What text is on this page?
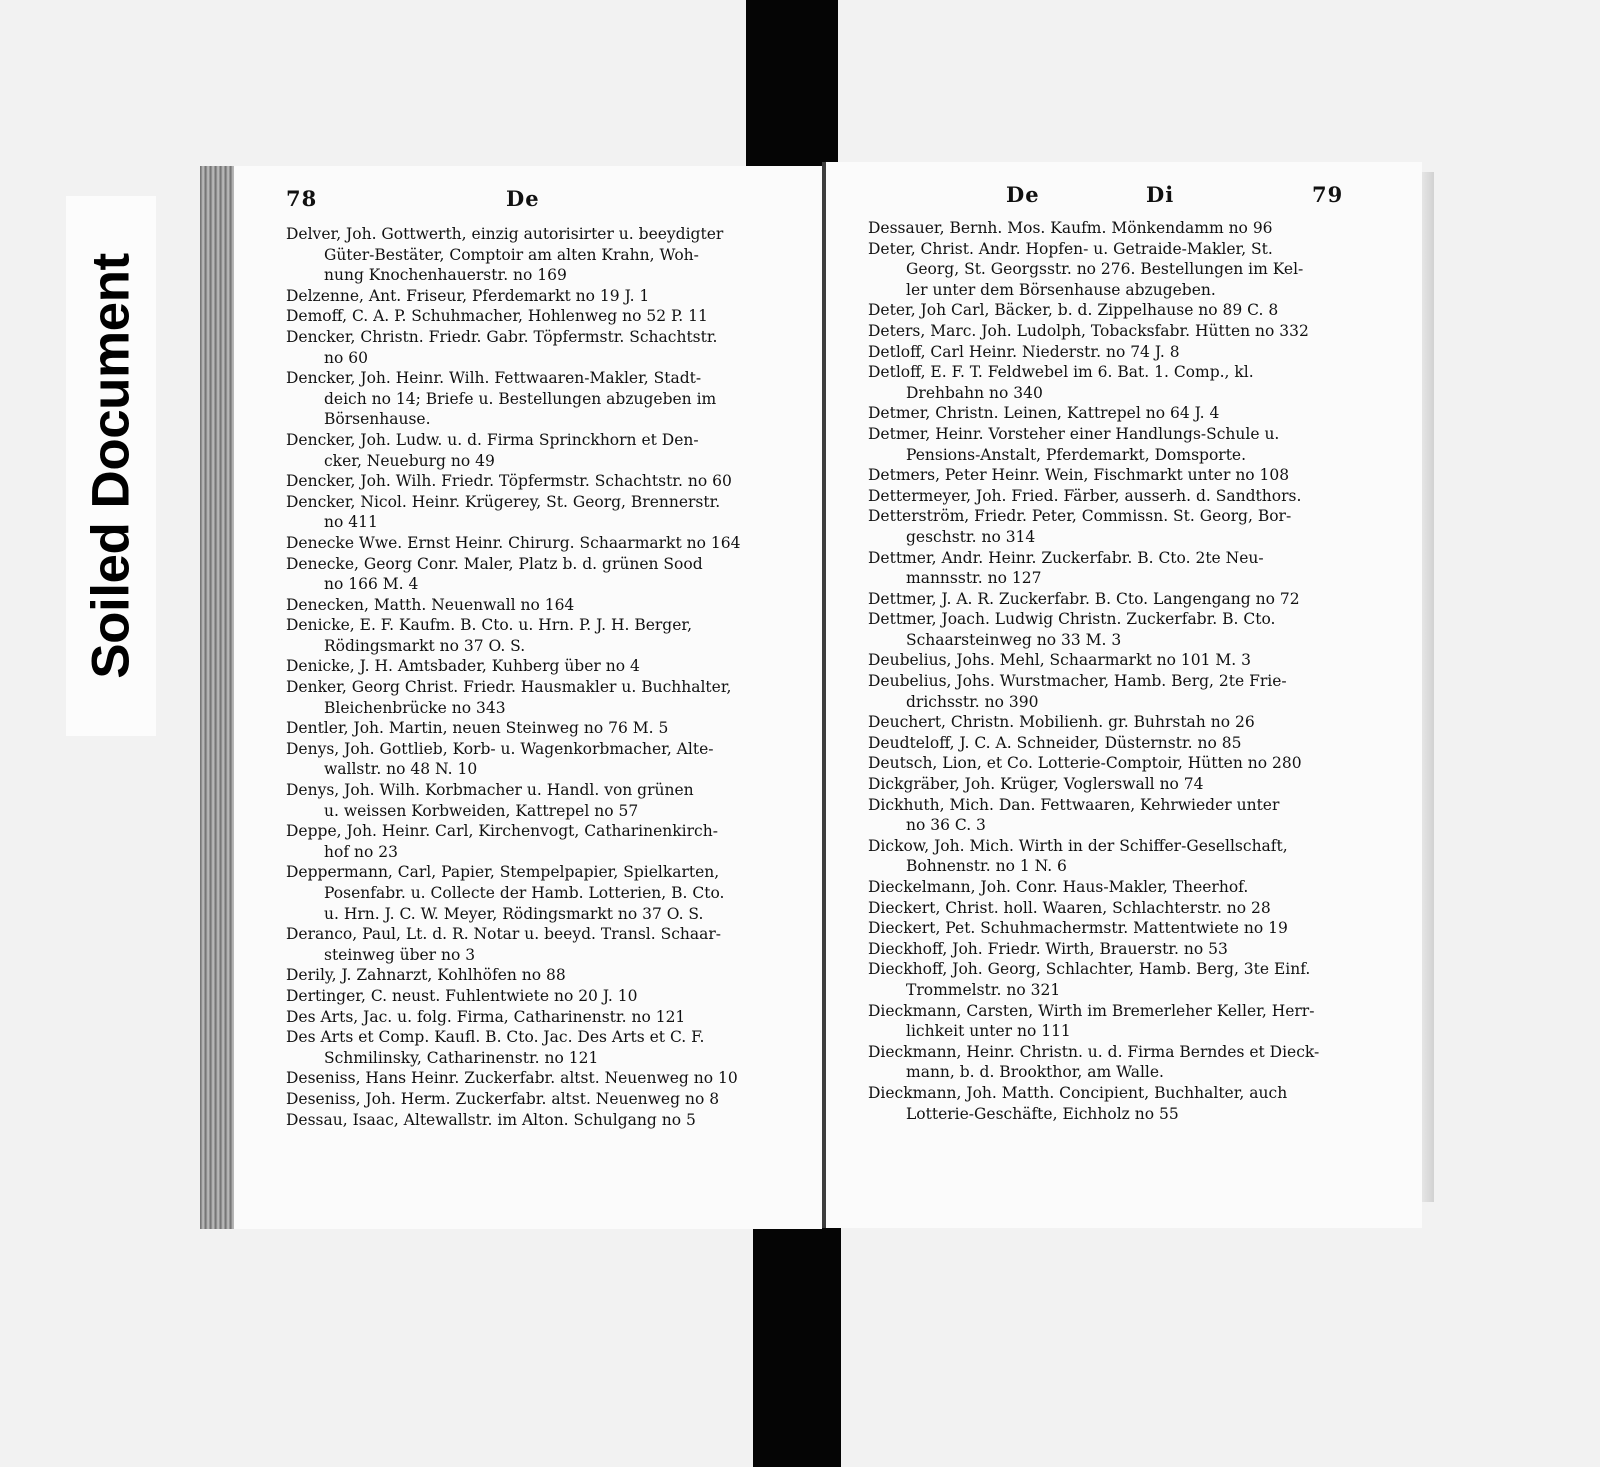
Soiled Document
78	De
Delver, Joh. Gottwerth, einzig autorisirter u. beeydigter
Güter-Bestäter, Comptoir am alten Krahn, Woh-
nung Knochenhauerstr. no 169
Delzenne, Ant. Friseur, Pferdemarkt no 19 J. 1
Demoff, C. A. P. Schuhmacher, Hohlenweg no 52 P. 11
Dencker, Christn. Friedr. Gabr. Töpfermstr. Schachtstr.
no 60
Dencker, Joh. Heinr. Wilh. Fettwaaren-Makler, Stadt-
deich no 14; Briefe u. Bestellungen abzugeben im
Börsenhause.
Dencker, Joh. Ludw. u. d. Firma Sprinckhorn et Den-
cker, Neueburg no 49
Dencker, Joh. Wilh. Friedr. Töpfermstr. Schachtstr. no 60
Dencker, Nicol. Heinr. Krügerey, St. Georg, Brennerstr.
no 411
Denecke Wwe. Ernst Heinr. Chirurg. Schaarmarkt no 164
Denecke, Georg Conr. Maler, Platz b. d. grünen Sood
no 166 M. 4
Denecken, Matth. Neuenwall no 164
Denicke, E. F. Kaufm. B. Cto. u. Hrn. P. J. H. Berger,
Rödingsmarkt no 37 O. S.
Denicke, J. H. Amtsbader, Kuhberg über no 4
Denker, Georg Christ. Friedr. Hausmakler u. Buchhalter,
Bleichenbrücke no 343
Dentler, Joh. Martin, neuen Steinweg no 76 M. 5
Denys, Joh. Gottlieb, Korb- u. Wagenkorbmacher, Alte-
wallstr. no 48 N. 10
Denys, Joh. Wilh. Korbmacher u. Handl. von grünen
u. weissen Korbweiden, Kattrepel no 57
Deppe, Joh. Heinr. Carl, Kirchenvogt, Catharinenkirch-
hof no 23
Deppermann, Carl, Papier, Stempelpapier, Spielkarten,
Posenfabr. u. Collecte der Hamb. Lotterien, B. Cto.
u. Hrn. J. C. W. Meyer, Rödingsmarkt no 37 O. S.
Deranco, Paul, Lt. d. R. Notar u. beeyd. Transl. Schaar-
steinweg über no 3
Derily, J. Zahnarzt, Kohlhöfen no 88
Dertinger, C. neust. Fuhlentwiete no 20 J. 10
Des Arts, Jac. u. folg. Firma, Catharinenstr. no 121
Des Arts et Comp. Kaufl. B. Cto. Jac. Des Arts et C. F.
Schmilinsky, Catharinenstr. no 121
Deseniss, Hans Heinr. Zuckerfabr. altst. Neuenweg no 10
Deseniss, Joh. Herm. Zuckerfabr. altst. Neuenweg no 8
Dessau, Isaac, Altewallstr. im Alton. Schulgang no 5
De	Di	79
Dessauer, Bernh. Mos. Kaufm. Mönkendamm no 96
Deter, Christ. Andr. Hopfen- u. Getraide-Makler, St.
Georg, St. Georgsstr. no 276. Bestellungen im Kel-
ler unter dem Börsenhause abzugeben.
Deter, Joh Carl, Bäcker, b. d. Zippelhause no 89 C. 8
Deters, Marc. Joh. Ludolph, Tobacksfabr. Hütten no 332
Detloff, Carl Heinr. Niederstr. no 74 J. 8
Detloff, E. F. T. Feldwebel im 6. Bat. 1. Comp., kl.
Drehbahn no 340
Detmer, Christn. Leinen, Kattrepel no 64 J. 4
Detmer, Heinr. Vorsteher einer Handlungs-Schule u.
Pensions-Anstalt, Pferdemarkt, Domsporte.
Detmers, Peter Heinr. Wein, Fischmarkt unter no 108
Dettermeyer, Joh. Fried. Färber, ausserh. d. Sandthors.
Detterström, Friedr. Peter, Commissn. St. Georg, Bor-
geschstr. no 314
Dettmer, Andr. Heinr. Zuckerfabr. B. Cto. 2te Neu-
mannsstr. no 127
Dettmer, J. A. R. Zuckerfabr. B. Cto. Langengang no 72
Dettmer, Joach. Ludwig Christn. Zuckerfabr. B. Cto.
Schaarsteinweg no 33 M. 3
Deubelius, Johs. Mehl, Schaarmarkt no 101 M. 3
Deubelius, Johs. Wurstmacher, Hamb. Berg, 2te Frie-
drichsstr. no 390
Deuchert, Christn. Mobilienh. gr. Buhrstah no 26
Deudteloff, J. C. A. Schneider, Düsternstr. no 85
Deutsch, Lion, et Co. Lotterie-Comptoir, Hütten no 280
Dickgräber, Joh. Krüger, Voglerswall no 74
Dickhuth, Mich. Dan. Fettwaaren, Kehrwieder unter
no 36 C. 3
Dickow, Joh. Mich. Wirth in der Schiffer-Gesellschaft,
Bohnenstr. no 1 N. 6
Dieckelmann, Joh. Conr. Haus-Makler, Theerhof.
Dieckert, Christ. holl. Waaren, Schlachterstr. no 28
Dieckert, Pet. Schuhmachermstr. Mattentwiete no 19
Dieckhoff, Joh. Friedr. Wirth, Brauerstr. no 53
Dieckhoff, Joh. Georg, Schlachter, Hamb. Berg, 3te Einf.
Trommelstr. no 321
Dieckmann, Carsten, Wirth im Bremerleher Keller, Herr-
lichkeit unter no 111
Dieckmann, Heinr. Christn. u. d. Firma Berndes et Dieck-
mann, b. d. Brookthor, am Walle.
Dieckmann, Joh. Matth. Concipient, Buchhalter, auch
Lotterie-Geschäfte, Eichholz no 55
